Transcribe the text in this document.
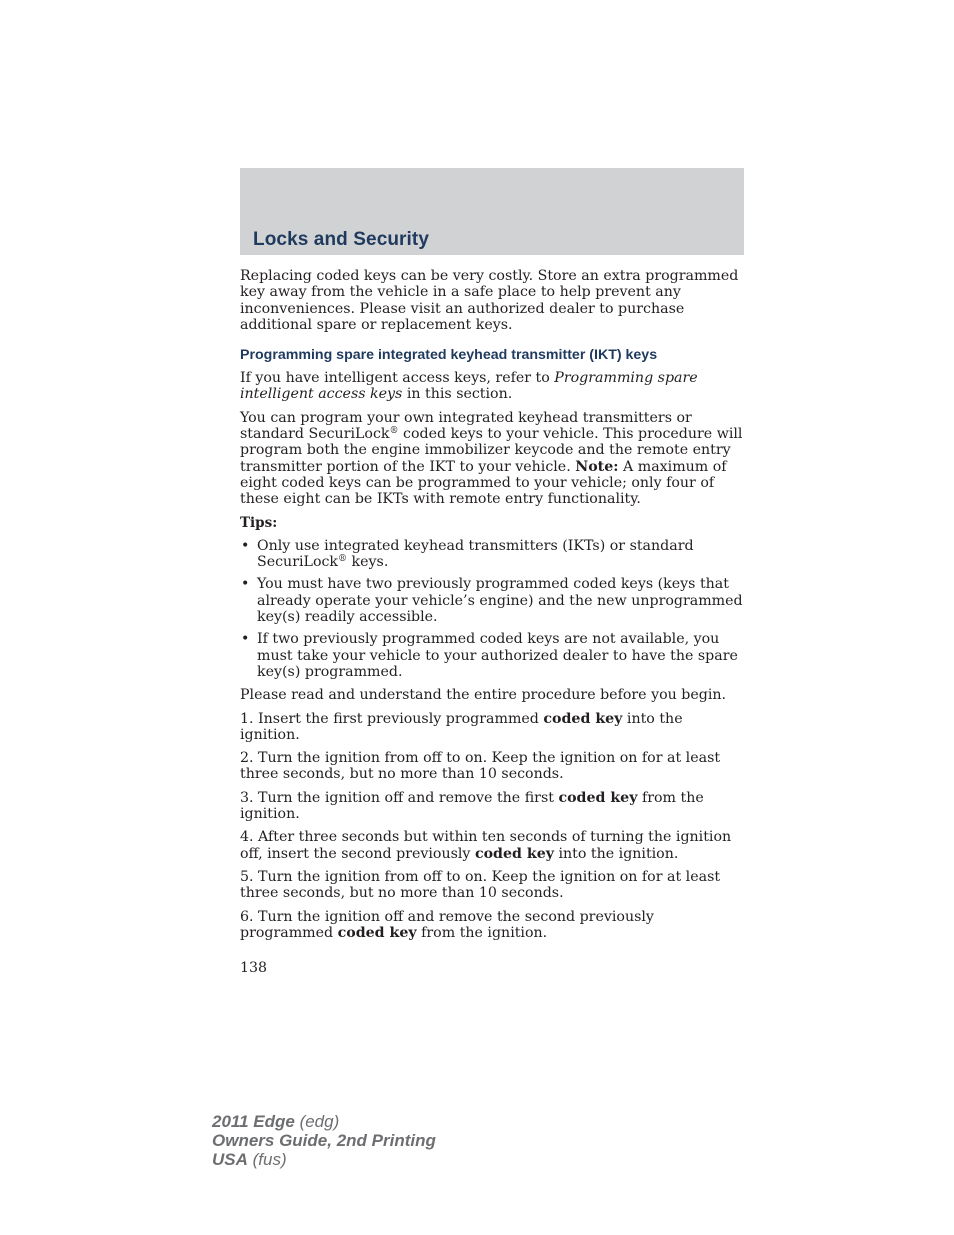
Locks and Security

Replacing coded keys can be very costly. Store an extra programmed key away from the vehicle in a safe place to help prevent any inconveniences. Please visit an authorized dealer to purchase additional spare or replacement keys.

Programming spare integrated keyhead transmitter (IKT) keys

If you have intelligent access keys, refer to Programming spare intelligent access keys in this section.

You can program your own integrated keyhead transmitters or standard SecuriLock® coded keys to your vehicle. This procedure will program both the engine immobilizer keycode and the remote entry transmitter portion of the IKT to your vehicle. Note: A maximum of eight coded keys can be programmed to your vehicle; only four of these eight can be IKTs with remote entry functionality.

Tips:

• Only use integrated keyhead transmitters (IKTs) or standard SecuriLock® keys.
• You must have two previously programmed coded keys (keys that already operate your vehicle’s engine) and the new unprogrammed key(s) readily accessible.
• If two previously programmed coded keys are not available, you must take your vehicle to your authorized dealer to have the spare key(s) programmed.

Please read and understand the entire procedure before you begin.

1. Insert the first previously programmed coded key into the ignition.

2. Turn the ignition from off to on. Keep the ignition on for at least three seconds, but no more than 10 seconds.

3. Turn the ignition off and remove the first coded key from the ignition.

4. After three seconds but within ten seconds of turning the ignition off, insert the second previously coded key into the ignition.

5. Turn the ignition from off to on. Keep the ignition on for at least three seconds, but no more than 10 seconds.

6. Turn the ignition off and remove the second previously programmed coded key from the ignition.

138
2011 Edge (edg)
Owners Guide, 2nd Printing
USA (fus)
